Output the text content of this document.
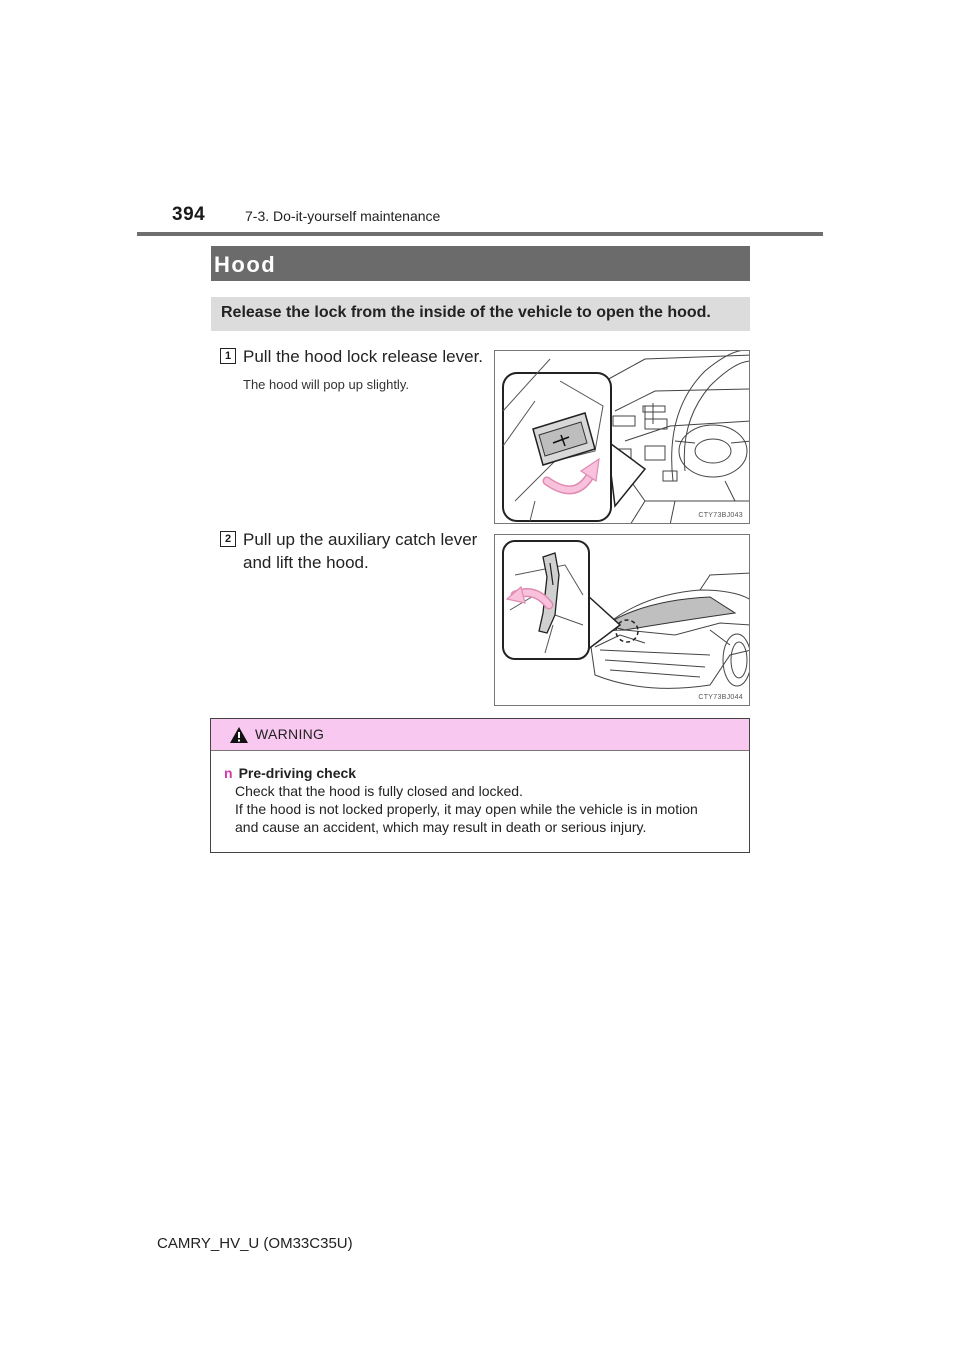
394	7-3. Do-it-yourself maintenance
Hood
Release the lock from the inside of the vehicle to open the hood.
1 Pull the hood lock release lever.
The hood will pop up slightly.
CTY73BJ043
2 Pull up the auxiliary catch lever
and lift the hood.
CTY73BJ044
WARNING
n Pre-driving check
Check that the hood is fully closed and locked.
If the hood is not locked properly, it may open while the vehicle is in motion
and cause an accident, which may result in death or serious injury.
CAMRY_HV_U (OM33C35U)
